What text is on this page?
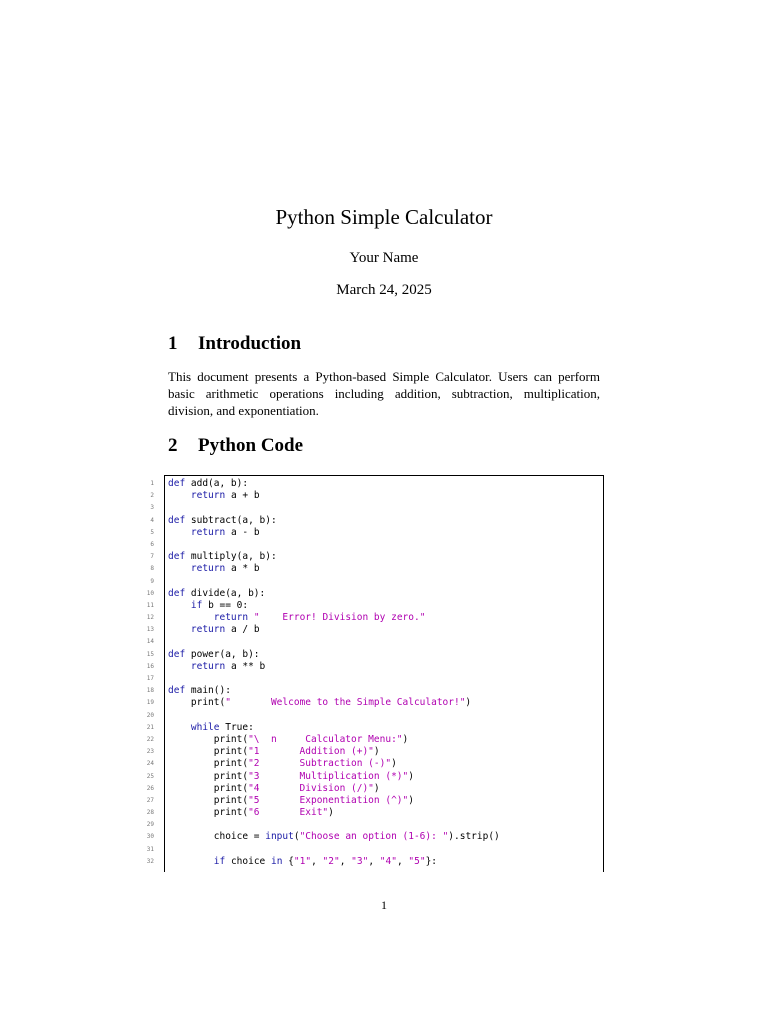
Python Simple Calculator
Your Name
March 24, 2025
1 Introduction

This document presents a Python-based Simple Calculator. Users can perform basic arithmetic operations including addition, subtraction, multiplication, division, and exponentiation.

2 Python Code
1
2
3
4
5
6
7
8
9
10
11
12
13
14
15
16
17
18
19
20
21
22
23
24
25
26
27
28
29
30
31
32
def add(a, b):
return a + b

def subtract(a, b):
return a - b

def multiply(a, b):
return a * b

def divide(a, b):
if b == 0:
return "    Error! Division by zero."
return a / b

def power(a, b):
return a ** b

def main():
print("       Welcome to the Simple Calculator!")

while True:
print("\  n     Calculator Menu:")
print("1       Addition (+)")
print("2       Subtraction (-)")
print("3       Multiplication (*)")
print("4       Division (/)")
print("5       Exponentiation (^)")
print("6       Exit")

choice = input("Choose an option (1-6): ").strip()

if choice in {"1", "2", "3", "4", "5"}:
1
